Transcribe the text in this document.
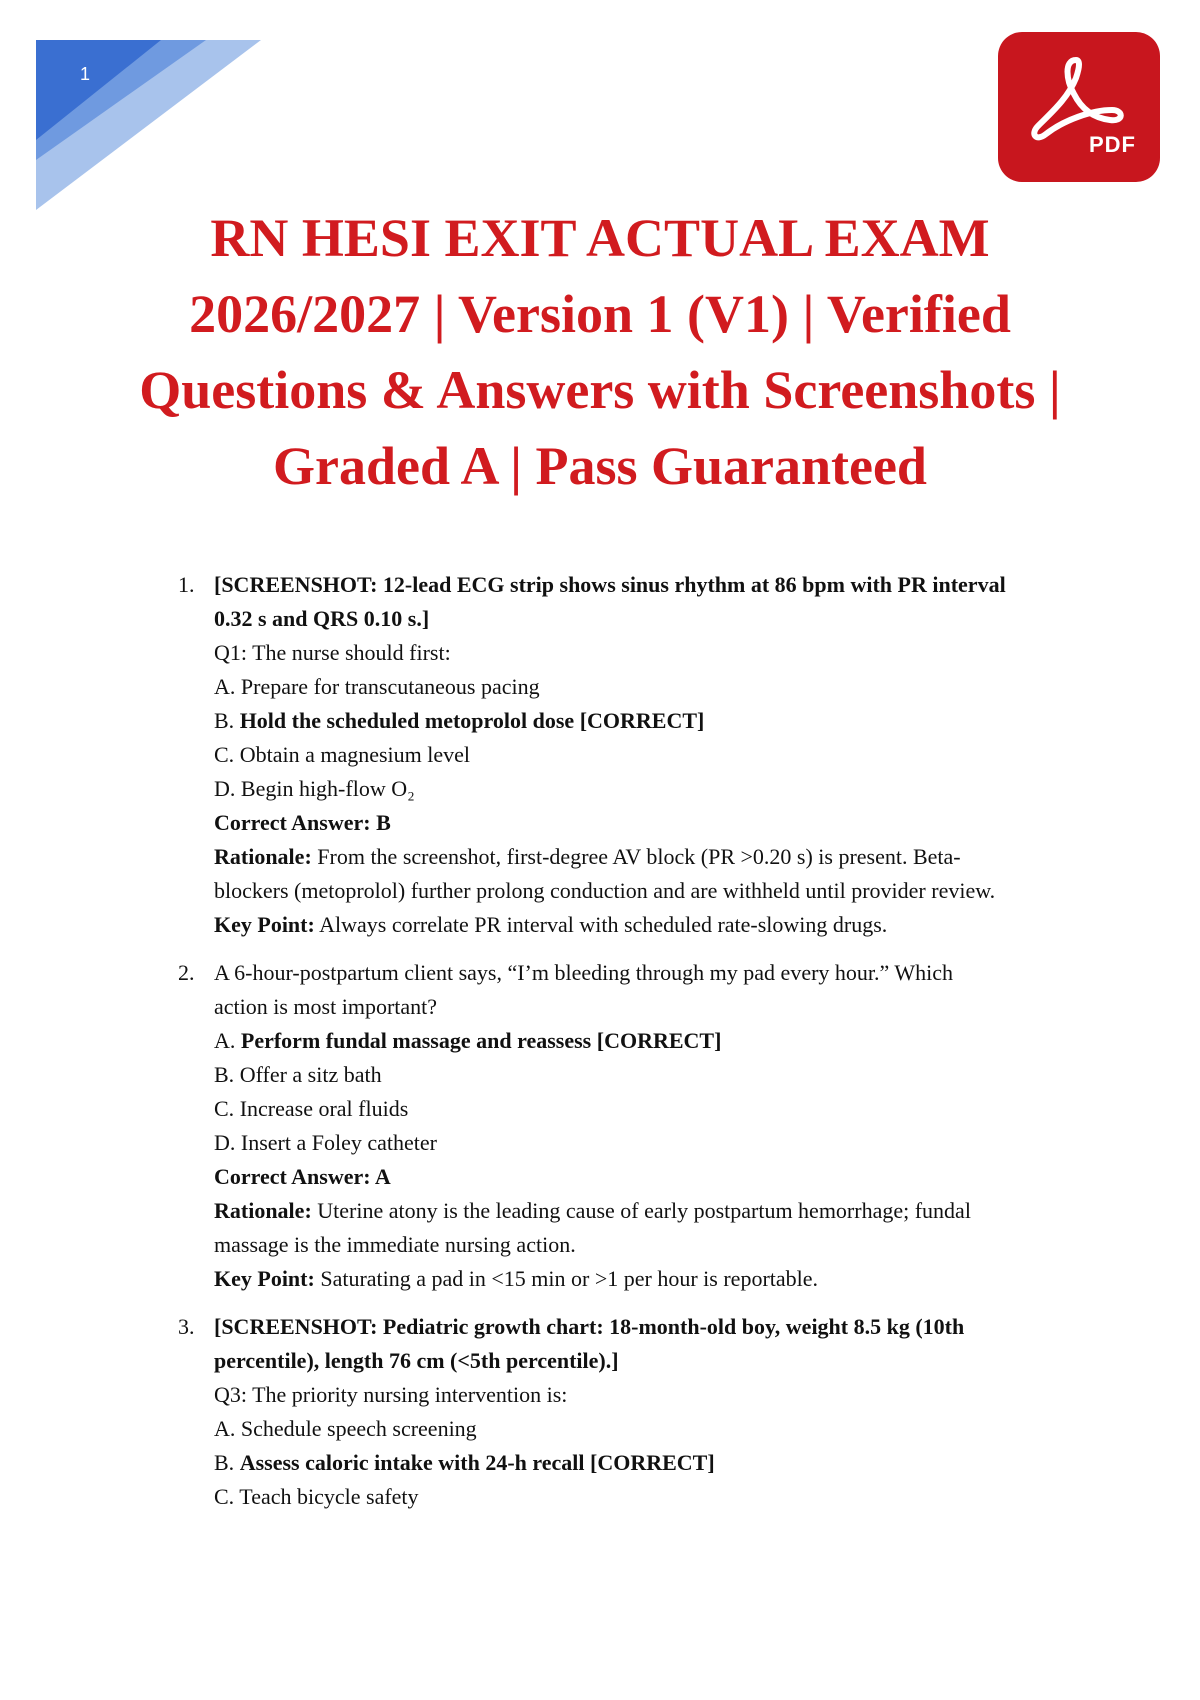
1
PDF
RN HESI EXIT ACTUAL EXAM
2026/2027 | Version 1 (V1) | Verified
Questions & Answers with Screenshots |
Graded A | Pass Guaranteed
1. [SCREENSHOT: 12-lead ECG strip shows sinus rhythm at 86 bpm with PR interval
0.32 s and QRS 0.10 s.]
Q1: The nurse should first:
A. Prepare for transcutaneous pacing
B. Hold the scheduled metoprolol dose [CORRECT]
C. Obtain a magnesium level
D. Begin high-flow O₂
Correct Answer: B
Rationale: From the screenshot, first-degree AV block (PR >0.20 s) is present. Beta-
blockers (metoprolol) further prolong conduction and are withheld until provider review.
Key Point: Always correlate PR interval with scheduled rate-slowing drugs.
2. A 6-hour-postpartum client says, “I’m bleeding through my pad every hour.” Which
action is most important?
A. Perform fundal massage and reassess [CORRECT]
B. Offer a sitz bath
C. Increase oral fluids
D. Insert a Foley catheter
Correct Answer: A
Rationale: Uterine atony is the leading cause of early postpartum hemorrhage; fundal
massage is the immediate nursing action.
Key Point: Saturating a pad in <15 min or >1 per hour is reportable.
3. [SCREENSHOT: Pediatric growth chart: 18-month-old boy, weight 8.5 kg (10th
percentile), length 76 cm (<5th percentile).]
Q3: The priority nursing intervention is:
A. Schedule speech screening
B. Assess caloric intake with 24-h recall [CORRECT]
C. Teach bicycle safety
